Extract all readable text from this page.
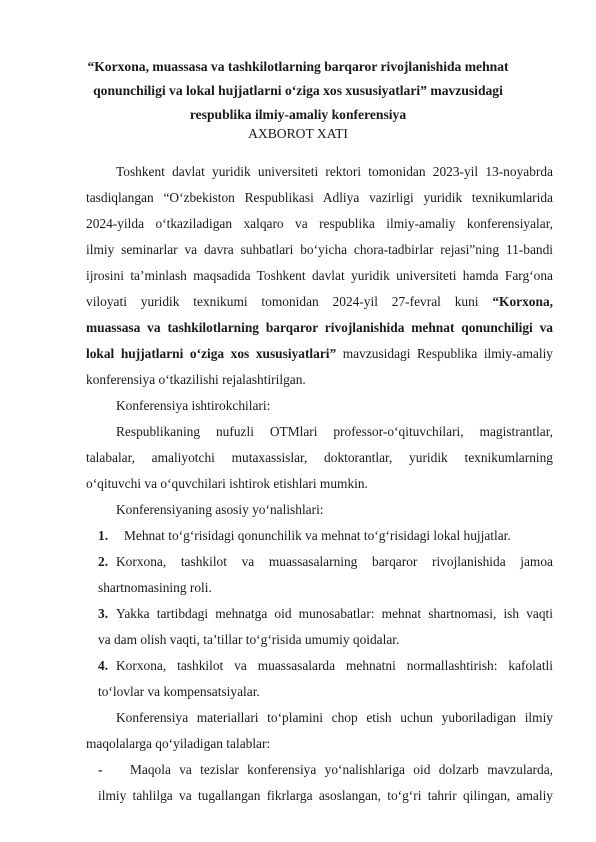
“Korxona, muassasa va tashkilotlarning barqaror rivojlanishida mehnat
qonunchiligi va lokal hujjatlarni o‘ziga xos xususiyatlari” mavzusidagi
respublika ilmiy-amaliy konferensiya
AXBOROT XATI
Toshkent davlat yuridik universiteti rektori tomonidan 2023-yil 13-noyabrda
tasdiqlangan “O‘zbekiston Respublikasi Adliya vazirligi yuridik texnikumlarida
2024-yilda o‘tkaziladigan xalqaro va respublika ilmiy-amaliy konferensiyalar,
ilmiy seminarlar va davra suhbatlari bo‘yicha chora-tadbirlar rejasi”ning 11-bandi
ijrosini ta’minlash maqsadida Toshkent davlat yuridik universiteti hamda Farg‘ona
viloyati yuridik texnikumi tomonidan 2024-yil 27-fevral kuni “Korxona,
muassasa va tashkilotlarning barqaror rivojlanishida mehnat qonunchiligi va
lokal hujjatlarni o‘ziga xos xususiyatlari” mavzusidagi Respublika ilmiy-amaliy
konferensiya o‘tkazilishi rejalashtirilgan.
Konferensiya ishtirokchilari:
Respublikaning nufuzli OTMlari professor-o‘qituvchilari, magistrantlar,
talabalar, amaliyotchi mutaxassislar, doktorantlar, yuridik texnikumlarning
o‘qituvchi va o‘quvchilari ishtirok etishlari mumkin.
Konferensiyaning asosiy yo‘nalishlari:
1. Mehnat to‘g‘risidagi qonunchilik va mehnat to‘g‘risidagi lokal hujjatlar.
2. Korxona, tashkilot va muassasalarning barqaror rivojlanishida jamoa
shartnomasining roli.
3. Yakka tartibdagi mehnatga oid munosabatlar: mehnat shartnomasi, ish vaqti
va dam olish vaqti, ta’tillar to‘g‘risida umumiy qoidalar.
4. Korxona, tashkilot va muassasalarda mehnatni normallashtirish: kafolatli
to‘lovlar va kompensatsiyalar.
Konferensiya materiallari to‘plamini chop etish uchun yuboriladigan ilmiy
maqolalarga qo‘yiladigan talablar:
- Maqola va tezislar konferensiya yo‘nalishlariga oid dolzarb mavzularda,
ilmiy tahlilga va tugallangan fikrlarga asoslangan, to‘g‘ri tahrir qilingan, amaliy
